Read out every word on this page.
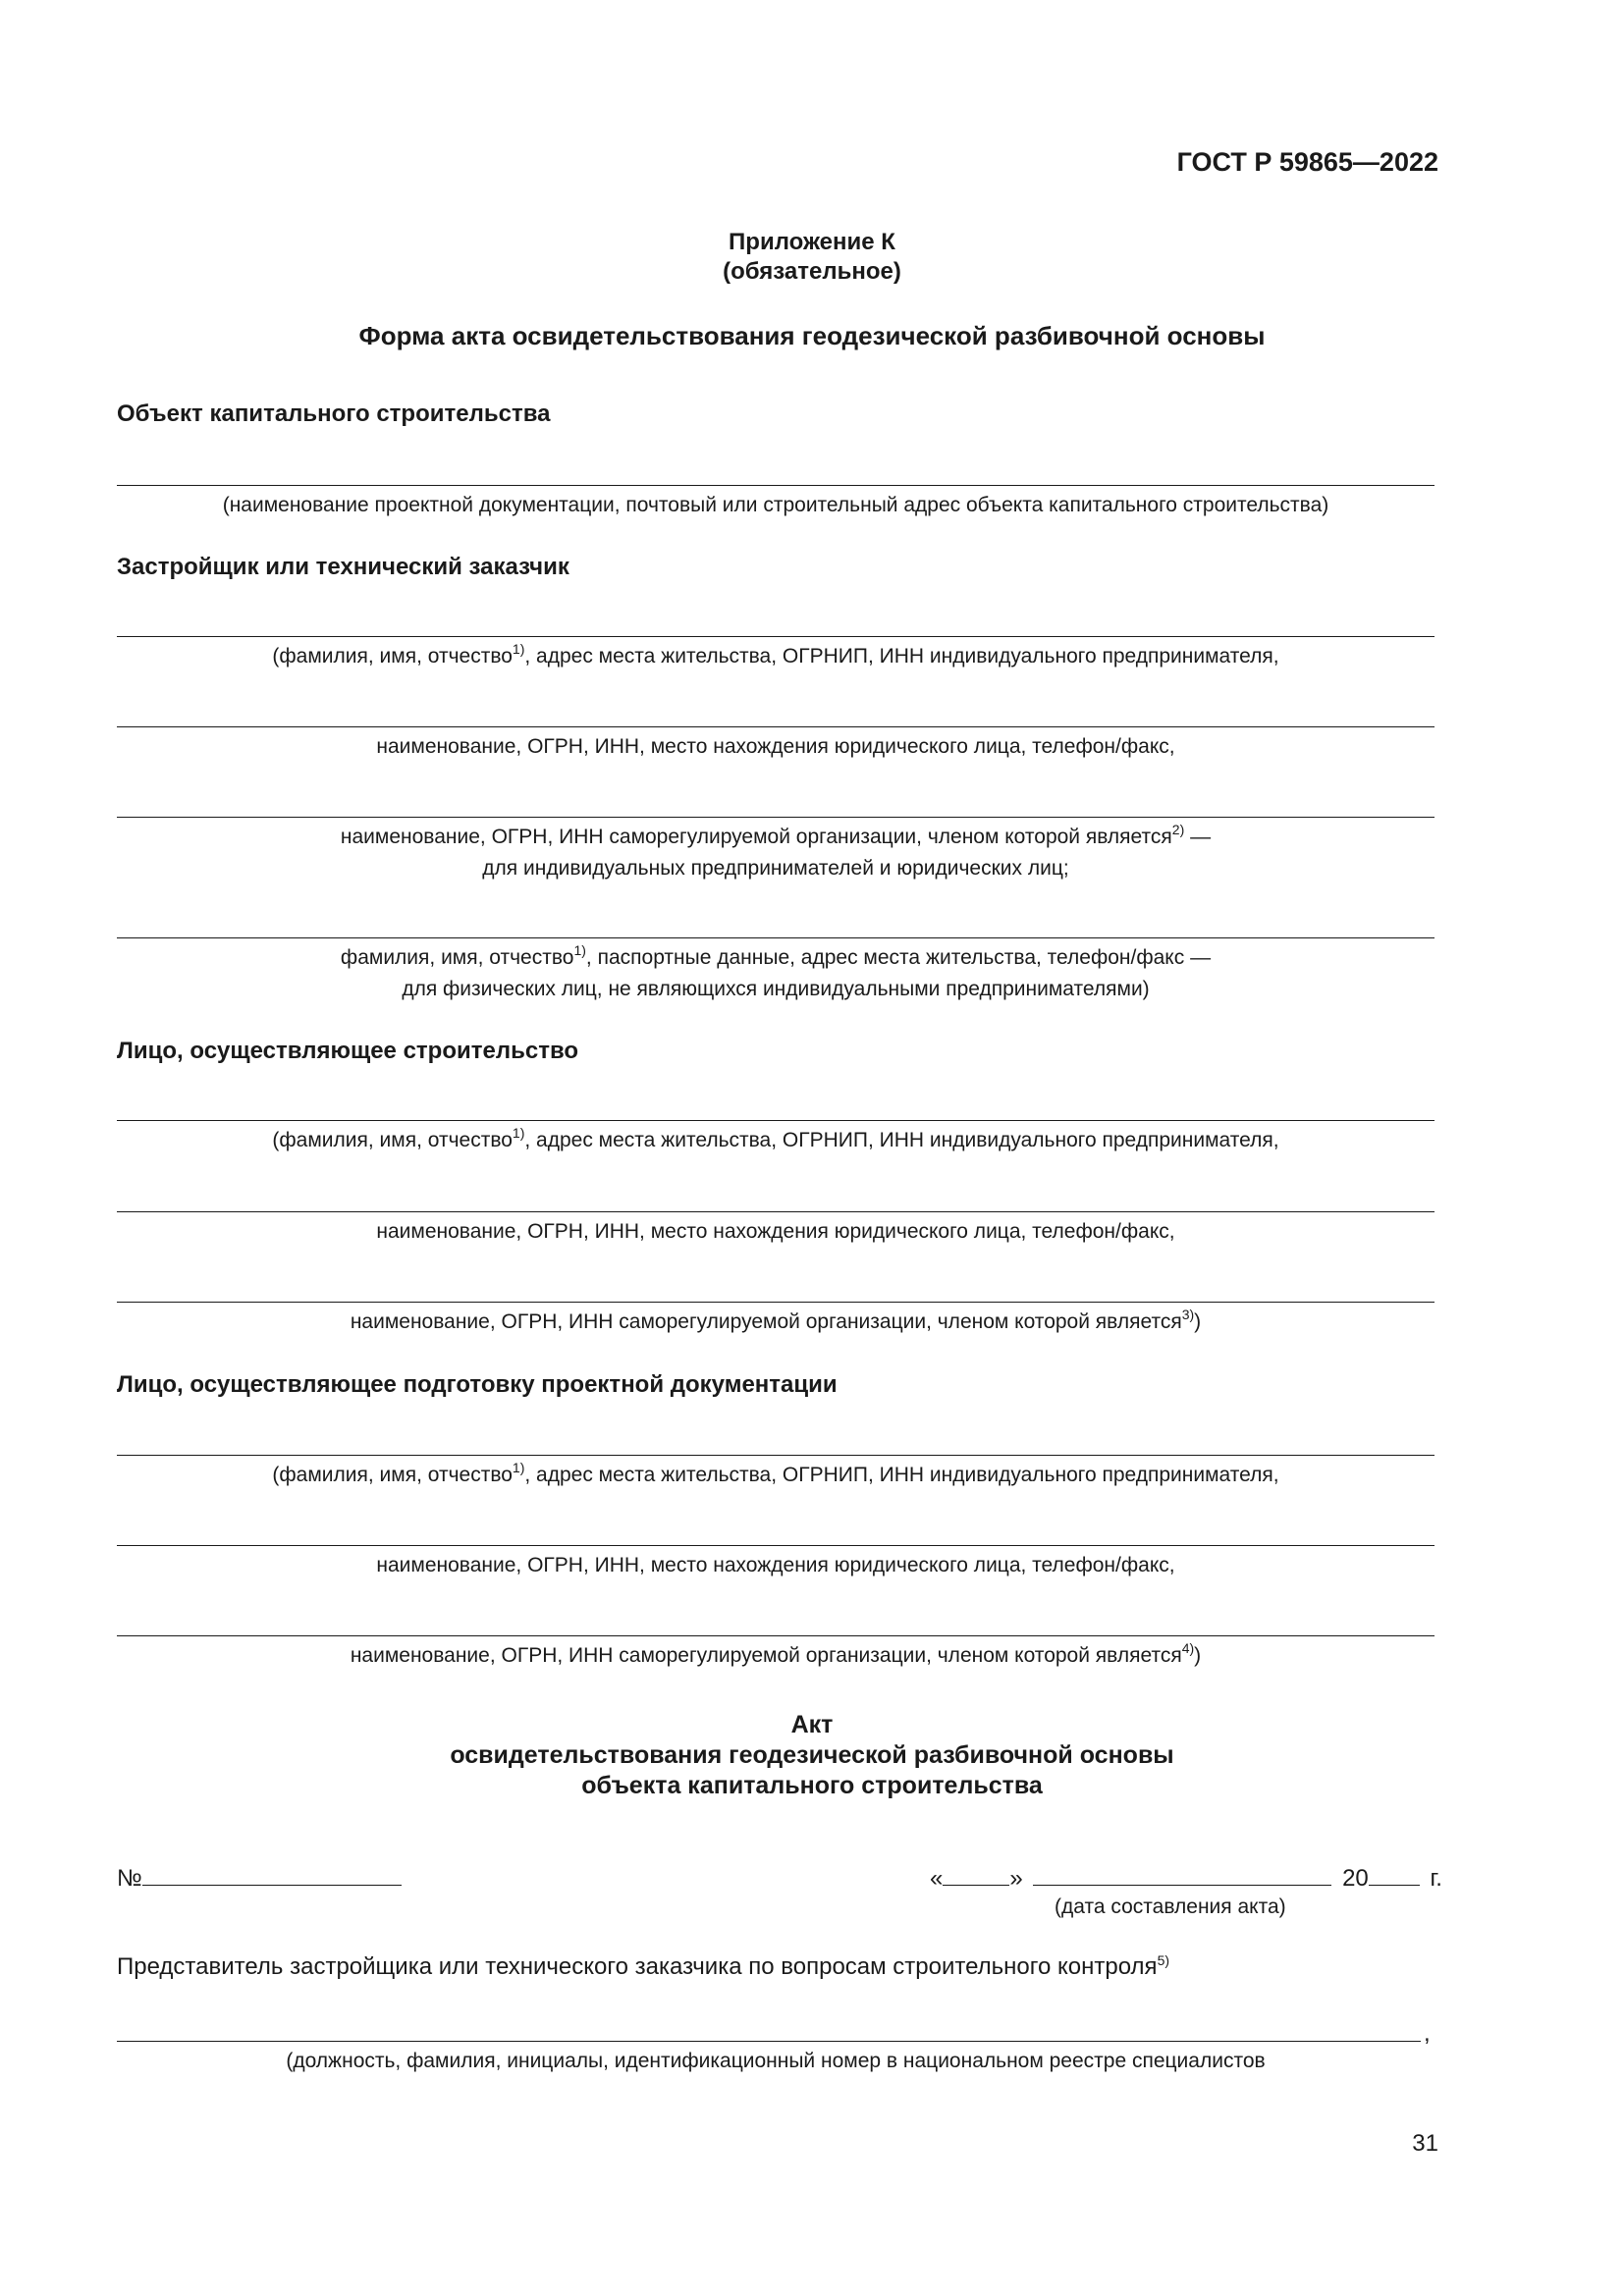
ГОСТ Р 59865—2022
Приложение К
(обязательное)
Форма акта освидетельствования геодезической разбивочной основы
Объект капитального строительства
(наименование проектной документации, почтовый или строительный адрес объекта капитального строительства)
Застройщик или технический заказчик
(фамилия, имя, отчество$^{1)}$, адрес места жительства, ОГРНИП, ИНН индивидуального предпринимателя,
наименование, ОГРН, ИНН, место нахождения юридического лица, телефон/факс,
наименование, ОГРН, ИНН саморегулируемой организации, членом которой является$^{2)}$ —
для индивидуальных предпринимателей и юридических лиц;
фамилия, имя, отчество$^{1)}$, паспортные данные, адрес места жительства, телефон/факс —
для физических лиц, не являющихся индивидуальными предпринимателями)
Лицо, осуществляющее строительство
(фамилия, имя, отчество$^{1)}$, адрес места жительства, ОГРНИП, ИНН индивидуального предпринимателя,
наименование, ОГРН, ИНН, место нахождения юридического лица, телефон/факс,
наименование, ОГРН, ИНН саморегулируемой организации, членом которой является$^{3)}$)
Лицо, осуществляющее подготовку проектной документации
(фамилия, имя, отчество$^{1)}$, адрес места жительства, ОГРНИП, ИНН индивидуального предпринимателя,
наименование, ОГРН, ИНН, место нахождения юридического лица, телефон/факс,
наименование, ОГРН, ИНН саморегулируемой организации, членом которой является$^{4)}$)
Акт
освидетельствования геодезической разбивочной основы
объекта капитального строительства
№	«	»	20	г.
(дата составления акта)
Представитель застройщика или технического заказчика по вопросам строительного контроля$^{5)}$
,
(должность, фамилия, инициалы, идентификационный номер в национальном реестре специалистов
31
